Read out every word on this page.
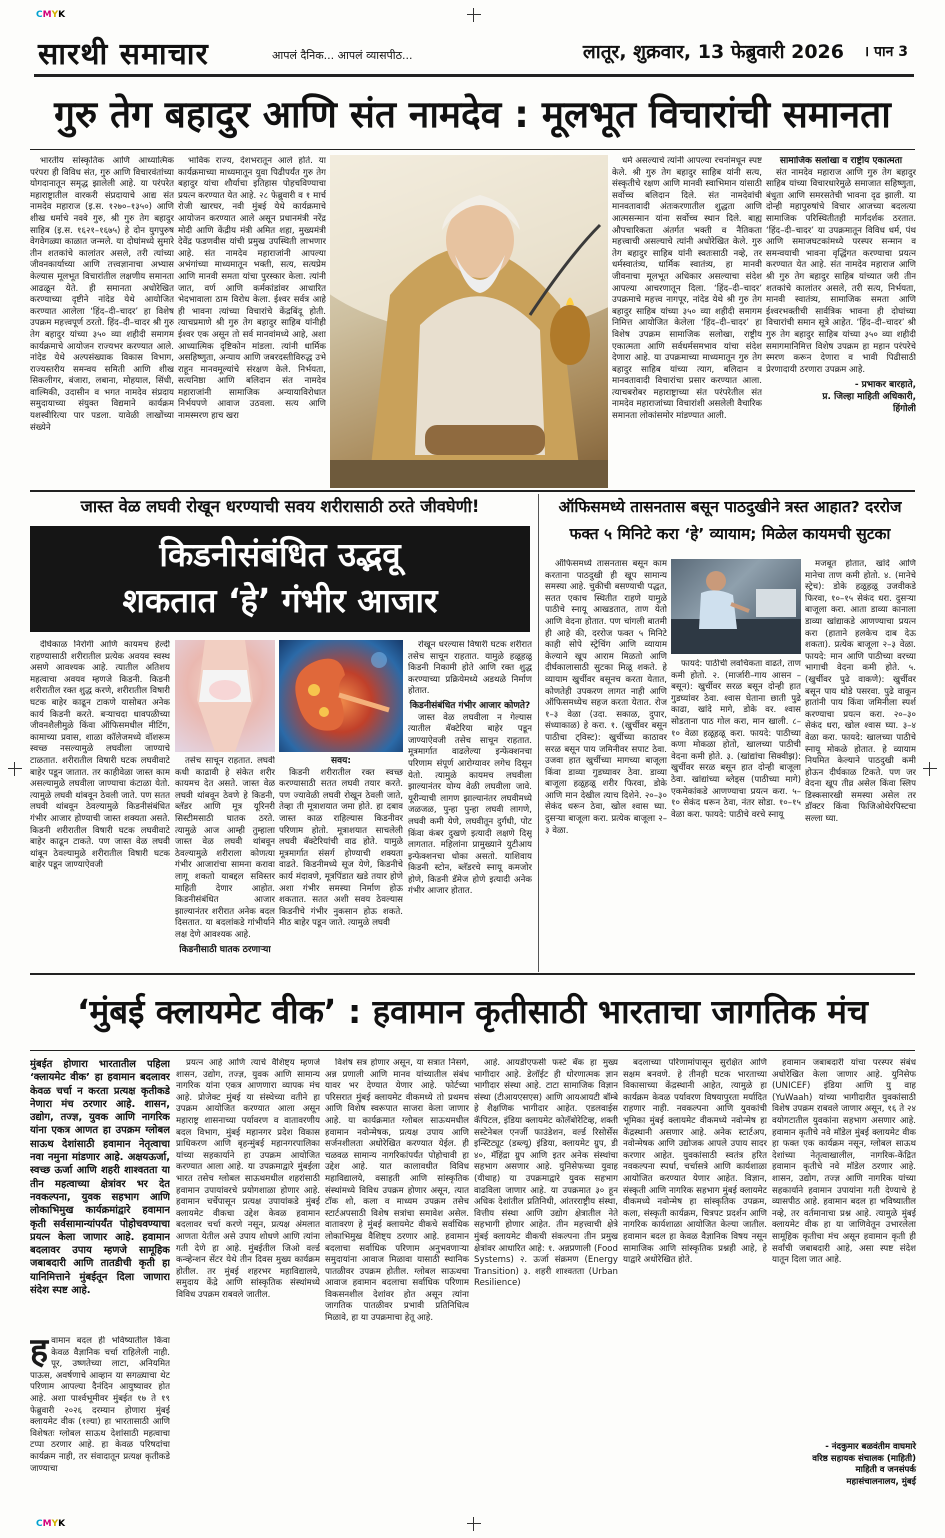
CMYK
CMYK
सारथी समाचार	आपलं दैनिक... आपलं व्यासपीठ...	लातूर, शुक्रवार, 13 फेब्रुवारी 2026 । पान 3
गुरु तेग बहादुर आणि संत नामदेव : मूलभूत विचारांची समानता

भारतीय सांस्कृतिक आणि आध्यात्मिक परंपरा ही विविध संत, गुरु आणि विचारवंतांच्या योगदानातून समृद्ध झालेली आहे. या परंपरेत महाराष्ट्रातील वारकरी संप्रदायाचे आद्य संत नामदेव महाराज (इ.स. १२७०–१३५०) आणि शीख धर्माचे नववे गुरु, श्री गुरु तेग बहादुर साहिब (इ.स. १६२१–१६७५) हे दोन युगपुरुष वेगवेगळ्या काळात जन्मले. या दोघांमध्ये सुमारे तीन शतकांचे कालांतर असले, तरी त्यांच्या जीवनकार्याच्या आणि तत्त्वज्ञानाचा अभ्यास केल्यास मूलभूत विचारांतील लक्षणीय समानता आढळून येते. ही समानता अधोरेखित करण्याच्या दृष्टीने नांदेड येथे आयोजित करण्यात आलेला ‘हिंद–दी–चादर’ हा विशेष उपक्रम महत्त्वपूर्ण ठरतो. हिंद–दी–चादर श्री गुरु तेग बहादुर यांच्या ३५० व्या शहीदी समागम कार्यक्रमाचे आयोजन राज्यभर करण्यात आले. नांदेड येथे अल्पसंख्याक विकास विभाग, राज्यस्तरीय समन्वय समिती आणि शीख सिकलीगर, बंजारा, लबाना, मोहयाल, सिंधी, वाल्मिकी, उदासीन व भगत नामदेव संप्रदाय समुदायाच्या संयुक्त विद्यमाने कार्यक्रम यशस्वीरित्या पार पडला. यावेळी लाखोंच्या संख्येने

भाविक राज्य, देशभरातून आले होते. या कार्यक्रमाच्या माध्यमातून युवा पिढीपर्यंत गुरु तेग बहादुर यांचा शौर्याचा इतिहास पोहचविण्याचा प्रयत्न करण्यात येत आहे. २८ फेब्रुवारी व १ मार्च रोजी खारघर, नवी मुंबई येथे कार्यक्रमाचे आयोजन करण्यात आले असून प्रधानमंत्री नरेंद्र मोदी आणि केंद्रीय मंत्री अमित शहा, मुख्यमंत्री देवेंद्र फडणवीस यांची प्रमुख उपस्थिती लाभणार आहे. संत नामदेव महाराजांनी आपल्या अभंगांच्या माध्यमातून भक्ती, सत्य, सत्यप्रेम आणि मानवी समता यांचा पुरस्कार केला. त्यांनी जात, वर्ण आणि कर्मकांडांवर आधारित भेदभावाला ठाम विरोध केला. ईश्वर सर्वत्र आहे ही भावना त्यांच्या विचारांचे केंद्रबिंदू होती. त्याचप्रमाणे श्री गुरु तेग बहादुर साहिब यांनीही ईश्वर एक असून तो सर्व मानवांमध्ये आहे, अशा आध्यात्मिक दृष्टिकोन मांडला. त्यांनी धार्मिक असहिष्णुता, अन्याय आणि जबरदस्तीविरुद्ध उभे राहून मानवमूल्यांचे संरक्षण केले. निर्भयता, सत्यनिष्ठा आणि बलिदान संत नामदेव महाराजांनी सामाजिक अन्यायाविरोधात निर्भयपणे आवाज उठवला. सत्य आणि नामस्मरण हाच खरा

धर्म असल्याचे त्यांनी आपल्या रचनांमधून स्पष्ट केले. श्री गुरु तेग बहादुर साहिब यांनी सत्य, संस्कृतीचे रक्षण आणि मानवी स्वाभिमान यांसाठी सर्वोच्च बलिदान दिले. संत नामदेवांची मानवतावादी अंतःकरणातील शुद्धता आणि आत्मसन्मान यांना सर्वोच्च स्थान दिले. बाह्य औपचारिकता अंतर्गत भक्ती व नैतिकता महत्त्वाची असल्याचे त्यांनी अधोरेखित केले. गुरु तेग बहादुर साहिब यांनी स्वतःसाठी नव्हे, तर धर्मस्वातंत्र्य, धार्मिक स्वातंत्र्य, हा मानवी जीवनाचा मूलभूत अधिकार असल्याचा संदेश आपल्या आचरणातून दिला. ‘हिंद–दी–चादर’ उपक्रमाचे महत्त्व नागपूर, नांदेड येथे श्री गुरु तेग बहादुर साहिब यांच्या ३५० व्या शहीदी समागम निमित्त आयोजित केलेला ‘हिंद–दी–चादर’ हा विशेष उपक्रम सामाजिक सलोखा, राष्ट्रीय एकात्मता आणि सर्वधर्मसमभाव यांचा संदेश देणारा आहे. या उपक्रमाच्या माध्यमातून गुरु तेग बहादुर साहिब यांच्या त्याग, बलिदान व मानवतावादी विचारांचा प्रसार करण्यात आला. त्याचबरोबर महाराष्ट्राच्या संत परंपरेतील संत नामदेव महाराजांच्या विचारांशी असलेली वैचारिक समानता लोकांसमोर मांडण्यात आली.

सामाजिक सलोखा व राष्ट्रीय एकात्मता

संत नामदेव महाराज आणि गुरु तेग बहादुर साहिब यांच्या विचारधारेमुळे समाजात सहिष्णुता, बंधुता आणि समरसतेची भावना दृढ झाली. या दोन्ही महापुरुषांचे विचार आजच्या बदलत्या सामाजिक परिस्थितीतही मार्गदर्शक ठरतात. ‘हिंद–दी–चादर’ या उपक्रमातून विविध धर्म, पंथ आणि समाजघटकांमध्ये परस्पर सन्मान व समन्वयाची भावना वृद्धिंगत करण्याचा प्रयत्न करण्यात येत आहे. संत नामदेव महाराज आणि श्री गुरु तेग बहादुर साहिब यांच्यात जरी तीन शतकांचे कालांतर असले, तरी सत्य, निर्भयता, मानवी स्वातंत्र्य, सामाजिक समता आणि ईश्वरभक्तीची सार्वत्रिक भावना ही दोघांच्या विचारांची समान सूत्रे आहेत. ‘हिंद–दी–चादर’ श्री गुरु तेग बहादुर साहिब यांच्या ३५० व्या शहीदी समागमानिमित्त विशेष उपक्रम हा महान परंपरेचे स्मरण करून देणारा व भावी पिढीसाठी प्रेरणादायी ठरणारा उपक्रम आहे.

- प्रभाकर बारहाते,
प्र. जिल्हा माहिती अधिकारी,
हिंगोली
जास्त वेळ लघवी रोखून धरण्याची सवय शरीरासाठी ठरते जीवघेणी!
किडनीसंबंधित उद्भवू
शकतात ‘हे’ गंभीर आजार

दीर्घकाळ निरोगी आणि कायमच हेल्दी राहण्यासाठी शरीरातील प्रत्येक अवयव स्वस्थ असणे आवश्यक आहे. त्यातील अतिशय महत्वाचा अवयव म्हणजे किडनी. किडनी शरीरातील रक्त शुद्ध करणे, शरीरातील विषारी घटक बाहेर काढून टाकणे यासोबत अनेक कार्य किडनी करते. बऱ्याचदा धावपळीच्या जीवनशैलीमुळे किंवा ऑफिसमधील मीटिंग, कामाच्या प्रवास, शाळा कॉलेजमध्ये वॉशरूम स्वच्छ नसल्यामुळे लघवीला जाण्याचे टाळतात. शरीरातील विषारी घटक लघवीवाटे बाहेर पडून जातात. तर काहीवेळा जास्त काम असल्यामुळे लघवीला जाण्याचा कंटाळा येतो. त्यामुळे लघवी थांबवून ठेवली जाते. पण सतत लघवी थांबवून ठेवल्यामुळे किडनीसंबंधित गंभीर आजार होण्याची जास्त शक्यता असते. किडनी शरीरातील विषारी घटक लघवीवाटे बाहेर काढून टाकते. पण जास्त वेळ लघवी थांबून ठेवल्यामुळे शरीरातील विषारी घटक बाहेर पडून जाण्याऐवजी

तसेच साचून राहतात. लघवी कधी काढावी हे संकेत शरीर कायमच देत असते. जास्त वेळ लघवी थांबवून ठेवणे हे किडनी, ब्लॅडर आणि मूत्र यूरिनरी सिस्टीमसाठी घातक ठरते. त्यामुळे आज आम्ही तुम्हाला जास्त वेळ लघवी थांबवून ठेवल्यामुळे शरीराला कोणत्या गंभीर आजारांचा सामना करावा लागू शकतो याबद्दल सविस्तर माहिती देणार आहोत. किडनीसंबंधित आजार झाल्यानंतर शरीरात अनेक बदल दिसतात. या बदलांकडे गांभीर्याने लक्ष देणे आवश्यक आहे.

किडनीसाठी घातक ठरणाऱ्या
सवय:

किडनी शरीरातील रक्त स्वच्छ करण्यासाठी सतत लघवी तयार करते. पण ज्यावेळी लघवी रोखून ठेवली जाते, तेव्हा ती मूत्राशयात जमा होते. हा दबाव जास्त काळ राहिल्यास किडनीवर परिणाम होतो. मूत्राशयात साचलेली लघवी बॅक्टेरियांची वाढ होते. यामुळे मूत्रमार्गात संसर्ग होण्याची शक्यता वाढते. किडनीमध्ये सूज येणे, किडनीचे कार्य मंदावणे, मूत्रपिंडात खडे तयार होणे अशा गंभीर समस्या निर्माण होऊ शकतात. सतत अशी सवय ठेवल्यास किडनीचे गंभीर नुकसान होऊ शकते. मीठ बाहेर पडून जाते. त्यामुळे लघवी

रोखून धरल्यास विषारी घटक शरीरात तसेच साचून राहतात. यामुळे हळूहळू किडनी निकामी होते आणि रक्त शुद्ध करण्याच्या प्रक्रियेमध्ये अडथळे निर्माण होतात.

किडनीसंबंधित गंभीर आजार कोणते?

जास्त वेळ लघवीला न गेल्यास त्यातील बॅक्टेरिया बाहेर पडून जाण्याऐवजी तसेच साचून राहतात. मूत्रमार्गात वाढलेल्या इन्फेक्शनचा परिणाम संपूर्ण आरोग्यावर लगेच दिसून येतो. त्यामुळे कायमच लघवीला झाल्यानंतर योग्य वेळी लघवीला जावे. यूरीन्याची लागण झाल्यानंतर लघवीमध्ये जळजळ, पुन्हा पुन्हा लघवी लागणे, लघवी कमी येणे, लघवीतून दुर्गंधी, पोट किंवा कंबर दुखणे इत्यादी लक्षणे दिसू लागतात. महिलांना प्रामुख्याने युटीआय इन्फेक्शनचा धोका असतो. याशिवाय किडनी स्टोन, ब्लॅडरचे स्नायू कमजोर होणे, किडनी डॅमेज होणे इत्यादी अनेक गंभीर आजार होतात.

ऑफिसमध्ये तासनतास बसून पाठदुखीने त्रस्त आहात? दररोज
फक्त ५ मिनिटे करा ‘हे’ व्यायाम; मिळेल कायमची सुटका

ऑफिसमध्ये तासनतास बसून काम करताना पाठदुखी ही खूप सामान्य समस्या आहे. चुकीची बसण्याची पद्धत, सतत एकाच स्थितीत राहणे यामुळे पाठीचे स्नायू आखडतात, ताण येतो आणि वेदना होतात. पण चांगली बातमी ही आहे की, दररोज फक्त ५ मिनिटे काही सोपे स्ट्रेचिंग आणि व्यायाम केल्याने खूप आराम मिळतो आणि दीर्घकालासाठी सुटका मिळू शकते. हे व्यायाम खुर्चीवर बसूनच करता येतात, कोणतेही उपकरण लागत नाही आणि ऑफिसमध्येच सहज करता येतात. रोज १–३ वेळा (उदा. सकाळ, दुपार, संध्याकाळ) हे करा. १. (खुर्चीवर बसून पाठीचा ट्विस्ट): खुर्चीच्या काठावर सरळ बसून पाय जमिनीवर सपाट ठेवा. उजवा हात खुर्चीच्या मागच्या बाजूला किंवा डाव्या गुडघ्यावर ठेवा. डाव्या बाजूला हळूहळू शरीर फिरवा, डोके आणि मान देखील त्याच दिशेने. २०–३० सेकंद धरून ठेवा, खोल श्वास घ्या. दुसऱ्या बाजूला करा. प्रत्येक बाजूला २–३ वेळा.

फायदे: पाठीची लवचिकता वाढते, ताण कमी होतो. २. (मार्जारी–गाय आसन – बसून): खुर्चीवर सरळ बसून दोन्ही हात गुडघ्यांवर ठेवा. श्वास घेताना छाती पुढे काढा, खांदे मागे, डोके वर. श्वास सोडताना पाठ गोल करा, मान खाली. ८–१० वेळा हळूहळू करा. फायदे: पाठीच्या कणा मोकळा होतो, खालच्या पाठीची वेदना कमी होते. ३. (खांद्यांचा सिक्वीझ): खुर्चीवर सरळ बसून हात दोन्ही बाजूला ठेवा. खांद्यांच्या ब्लेड्स (पाठीच्या मागे) एकमेकांकडे आणण्याचा प्रयत्न करा. ५–१० सेकंद धरून ठेवा, नंतर सोडा. १०–१५ वेळा करा. फायदे: पाठीचे वरचे स्नायू

मजबूत होतात, खांदे आणि मानेचा ताण कमी होतो. ४. (मानेचे स्ट्रेच): डोके हळूहळू उजवीकडे फिरवा, १०–१५ सेकंद धरा. दुसऱ्या बाजूला करा. आता डाव्या कानाला डाव्या खांद्याकडे आणण्याचा प्रयत्न करा (हाताने हलकेच दाब देऊ शकता). प्रत्येक बाजूला २–३ वेळा. फायदे: मान आणि पाठीच्या वरच्या भागाची वेदना कमी होते. ५. (खुर्चीवर पुढे वाकणे): खुर्चीवर बसून पाय थोडे पसरवा. पुढे वाकून हातांनी पाय किंवा जमिनीला स्पर्श करण्याचा प्रयत्न करा. २०–३० सेकंद धरा, खोल श्वास घ्या. ३–४ वेळा करा. फायदे: खालच्या पाठीचे स्नायू मोकळे होतात. हे व्यायाम नियमित केल्याने पाठदुखी कमी होऊन दीर्घकाळ टिकते. पण जर वेदना खूप तीव्र असेल किंवा स्लिप डिस्कसारखी समस्या असेल तर डॉक्टर किंवा फिजिओथेरपिस्टचा सल्ला घ्या.

‘मुंबई क्लायमेट वीक’ : हवामान कृतीसाठी भारताचा जागतिक मंच
मुंबईत होणारा भारतातील पहिला ‘क्लायमेट वीक’ हा हवामान बदलावर केवळ चर्चा न करता प्रत्यक्ष कृतीकडे नेणारा मंच ठरणार आहे. शासन, उद्योग, तज्ज्ञ, युवक आणि नागरिक यांना एकत्र आणत हा उपक्रम ग्लोबल साऊथ देशांसाठी हवामान नेतृत्वाचा नवा नमुना मांडणार आहे. अक्षयऊर्जा, स्वच्छ ऊर्जा आणि शहरी शाश्वतता या तीन महत्वाच्या क्षेत्रांवर भर देत नवकल्पना, युवक सहभाग आणि लोकाभिमुख कार्यक्रमांद्वारे हवामान कृती सर्वसामान्यांपर्यंत पोहोचवण्याचा प्रयत्न केला जाणार आहे. हवामान बदलावर उपाय म्हणजे सामूहिक जबाबदारी आणि तातडीची कृती हा यानिमित्ताने मुंबईतून दिला जाणारा संदेश स्पष्ट आहे.
हवामान बदल ही भविष्यातील किंवा केवळ वैज्ञानिक चर्चा राहिलेली नाही. पूर, उष्णतेच्या लाटा, अनियमित पाऊस, अवर्षणाचे आव्हान या सगळ्याचा थेट परिणाम आपल्या दैनंदिन आयुष्यावर होत आहे. अशा पार्श्वभूमीवर मुंबईत १७ ते १९ फेब्रुवारी २०२६ दरम्यान होणारा मुंबई क्लायमेट वीक (१ल्या) हा भारतासाठी आणि विशेषतः ग्लोबल साऊथ देशांसाठी महत्वाचा टप्पा ठरणार आहे. हा केवळ परिषदांचा कार्यक्रम नाही, तर संवादातून प्रत्यक्ष कृतीकडे जाण्याचा

प्रयत्न आहे आणि त्याचे वैशिष्ट्य म्हणजे शासन, उद्योग, तज्ज्ञ, युवक आणि सामान्य नागरिक यांना एकत्र आणणारा व्यापक मंच आहे. प्रोजेक्ट मुंबई या संस्थेच्या वतीने हा उपक्रम आयोजित करण्यात आला असून महाराष्ट्र शासनाच्या पर्यावरण व वातावरणीय बदल विभाग, मुंबई महानगर प्रदेश विकास प्राधिकरण आणि बृहन्मुंबई महानगरपालिका यांच्या सहकार्याने हा उपक्रम आयोजित करण्यात आला आहे. या उपक्रमाद्वारे मुंबईला भारत तसेच ग्लोबल साऊथमधील शहरांसाठी हवामान उपायांवरचे प्रयोगशाळा होणार आहे. हवामान चर्चेपासून प्रत्यक्ष उपायांकडे मुंबई क्लायमेट वीकचा उद्देश केवळ हवामान बदलावर चर्चा करणे नसून, प्रत्यक्ष अंमलात आणता येतील असे उपाय शोधणे आणि त्यांना गती देणे हा आहे. मुंबईतील जिओ वर्ल्ड कन्व्हेन्शन सेंटर येथे तीन दिवस मुख्य कार्यक्रम होतील. तर मुंबई शहरभर महाविद्यालये, समुदाय केंद्रे आणि सांस्कृतिक संस्थांमध्ये विविध उपक्रम राबवले जातील.

विशेष सत्र होणार असून, या सत्रात निसर्ग, अन्न प्रणाली आणि मानव यांच्यातील संबंध यावर भर देण्यात येणार आहे. फोर्टच्या परिसरात मुंबई क्लायमेट वीकमध्ये तो प्रथमच आणि विशेष स्वरूपात साजरा केला जाणार आहे. या कार्यक्रमात ग्लोबल साऊथमधील हवामान नवोन्मेषक, प्रत्यक्ष उपाय आणि सर्जनशीलता अधोरेखित करण्यात येईल. ही चळवळ सामान्य नागरिकांपर्यंत पोहोचावी हा उद्देश आहे. यात कालावधीत विविध महाविद्यालये, वसाहती आणि सांस्कृतिक संस्थांमध्ये विविध उपक्रम होणार असून, त्यात टॉक शो, कला व माध्यम उपक्रम तसेच स्टार्टअपसाठी विशेष सत्रांचा समावेश असेल. वातावरण हे मुंबई क्लायमेट वीकचे सर्वाधिक लोकाभिमुख वैशिष्ट्य ठरणार आहे. हवामान बदलाचा सर्वाधिक परिणाम अनुभवणाऱ्या समुदायांना आवाज मिळावा यासाठी स्थानिक पातळीवर उपक्रम होतील. ग्लोबल साऊथचा आवाज हवामान बदलाचा सर्वाधिक परिणाम विकसनशील देशांवर होत असून त्यांना जागतिक पातळीवर प्रभावी प्रतिनिधित्व मिळावे, हा या उपक्रमाचा हेतू आहे.

आहे. आयडीएफसी फर्स्ट बँक हा मुख्य भागीदार आहे. डेलॉईट ही धोरणात्मक ज्ञान भागीदार संस्था आहे. टाटा सामाजिक विज्ञान संस्था (टीआयएसएस) आणि आयआयटी बॉम्बे हे शैक्षणिक भागीदार आहेत. एडलवाईस कॅपिटल, इंडिया क्लायमेट कोलॅबोरेटिव्ह, शक्ती सस्टेनेबल एनर्जी फाउंडेशन, वर्ल्ड रिसोर्सेस इन्स्टिट्यूट (डब्ल्यू) इंडिया, क्लायमेट ग्रुप, डी ४०, मॅहिंद्रा ग्रुप आणि इतर अनेक संस्थांचा सहभाग असणार आहे. युनिसेफच्या युवाह (यीथाह) या उपक्रमाद्वारे युवक सहभाग वाढविला जाणार आहे. या उपक्रमात ३० हून अधिक देशांतील प्रतिनिधी, आंतरराष्ट्रीय संस्था, वित्तीय संस्था आणि उद्योग क्षेत्रातील नेते सहभागी होणार आहेत. तीन महत्त्वाची क्षेत्रे मुंबई क्लायमेट वीकची संकल्पना तीन प्रमुख क्षेत्रांवर आधारित आहे: १. अन्नप्रणाली (Food Systems) २. ऊर्जा संक्रमण (Energy Transition) ३. शहरी शाश्वतता (Urban Resilience)

बदलाच्या परिणामांपासून सुरक्षित आणि सक्षम बनवणे. हे तीनही घटक भारताच्या विकासाच्या केंद्रस्थानी आहेत, त्यामुळे हा कार्यक्रम केवळ पर्यावरण विषयापुरता मर्यादित राहणार नाही. नवकल्पना आणि युवकांची भूमिका मुंबई क्लायमेट वीकमध्ये नवोन्मेष हा केंद्रस्थानी असणार आहे. अनेक स्टार्टअप, नवोन्मेषक आणि उद्योजक आपले उपाय सादर करणार आहेत. युवकांसाठी स्वतंत्र हरित नवकल्पना स्पर्धा, चर्चासत्रे आणि कार्यशाळा आयोजित करण्यात येणार आहेत. विज्ञान, संस्कृती आणि नागरिक सहभाग मुंबई क्लायमेट वीकमध्ये नवोन्मेष हा सांस्कृतिक उपक्रम, कला, संस्कृती कार्यक्रम, चित्रपट प्रदर्शन आणि नागरिक कार्यशाळा आयोजित केल्या जातील. हवामान बदल हा केवळ वैज्ञानिक विषय नसून सामाजिक आणि सांस्कृतिक प्रश्नही आहे, हे याद्वारे अधोरेखित होते.

हवामान जबाबदारी यांचा परस्पर संबंध अधोरेखित केला जाणार आहे. युनिसेफ (UNICEF) इंडिया आणि यु वाह (YuWaah) यांच्या भागीदारीत युवकांसाठी विशेष उपक्रम राबवले जाणार असून, १६ ते २४ वयोगटातील युवकांना सहभाग असणार आहे. हवामान कृतीचे नवे मॉडेल मुंबई क्लायमेट वीक हा फक्त एक कार्यक्रम नसून, ग्लोबल साऊथ देशांच्या नेतृत्वाखालील, नागरिक-केंद्रित हवामान कृतीचे नवे मॉडेल ठरणार आहे. शासन, उद्योग, तज्ज्ञ आणि नागरिक यांच्या सहकार्याने हवामान उपायांना गती देण्याचे हे व्यासपीठ आहे. हवामान बदल हा भविष्यातील नव्हे, तर वर्तमानाचा प्रश्न आहे. त्यामुळे मुंबई क्लायमेट वीक हा या जाणिवेतून उभारलेला सामूहिक कृतीचा मंच असून हवामान कृती ही सर्वांची जबाबदारी आहे, असा स्पष्ट संदेश यातून दिला जात आहे.

- नंदकुमार बळवंतीम वाघमारे
वरिष्ठ सहायक संचालक (माहिती)
माहिती व जनसंपर्क
महासंचालनालय, मुंबई
